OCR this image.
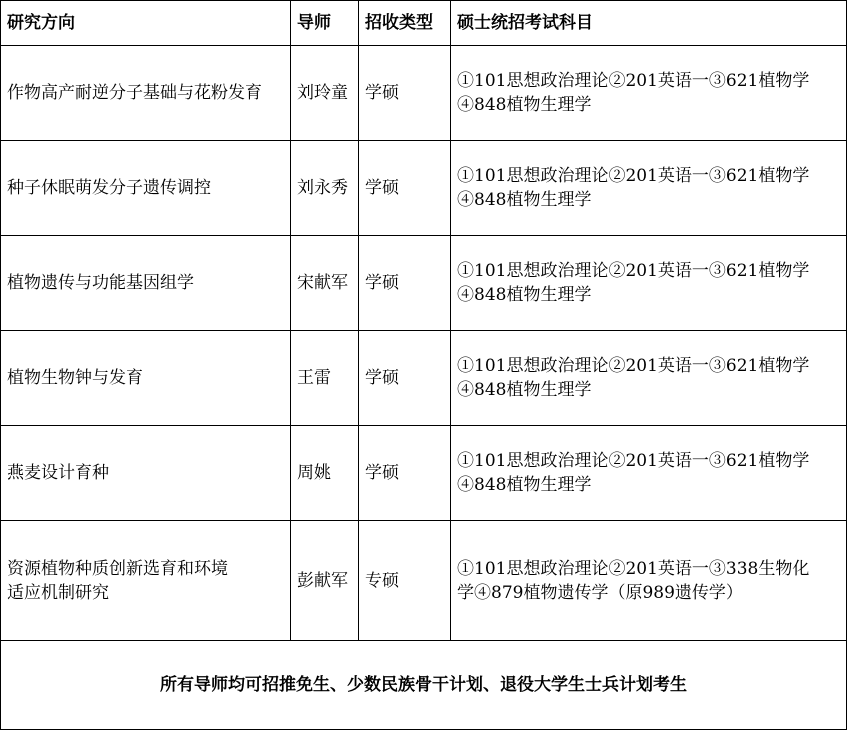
研究方向	导师	招收类型	硕士统招考试科目

作物高产耐逆分子基础与花粉发育	刘玲童	学硕	①101思想政治理论②201英语一③621植物学
④848植物生理学

种子休眠萌发分子遗传调控	刘永秀	学硕	①101思想政治理论②201英语一③621植物学
④848植物生理学

植物遗传与功能基因组学	宋献军	学硕	①101思想政治理论②201英语一③621植物学
④848植物生理学

植物生物钟与发育	王雷	学硕	①101思想政治理论②201英语一③621植物学
④848植物生理学

燕麦设计育种	周姚	学硕	①101思想政治理论②201英语一③621植物学
④848植物生理学

资源植物种质创新选育和环境
适应机制研究	彭献军	专硕	①101思想政治理论②201英语一③338生物化
学④879植物遗传学（原989遗传学）

所有导师均可招推免生、少数民族骨干计划、退役大学生士兵计划考生			
